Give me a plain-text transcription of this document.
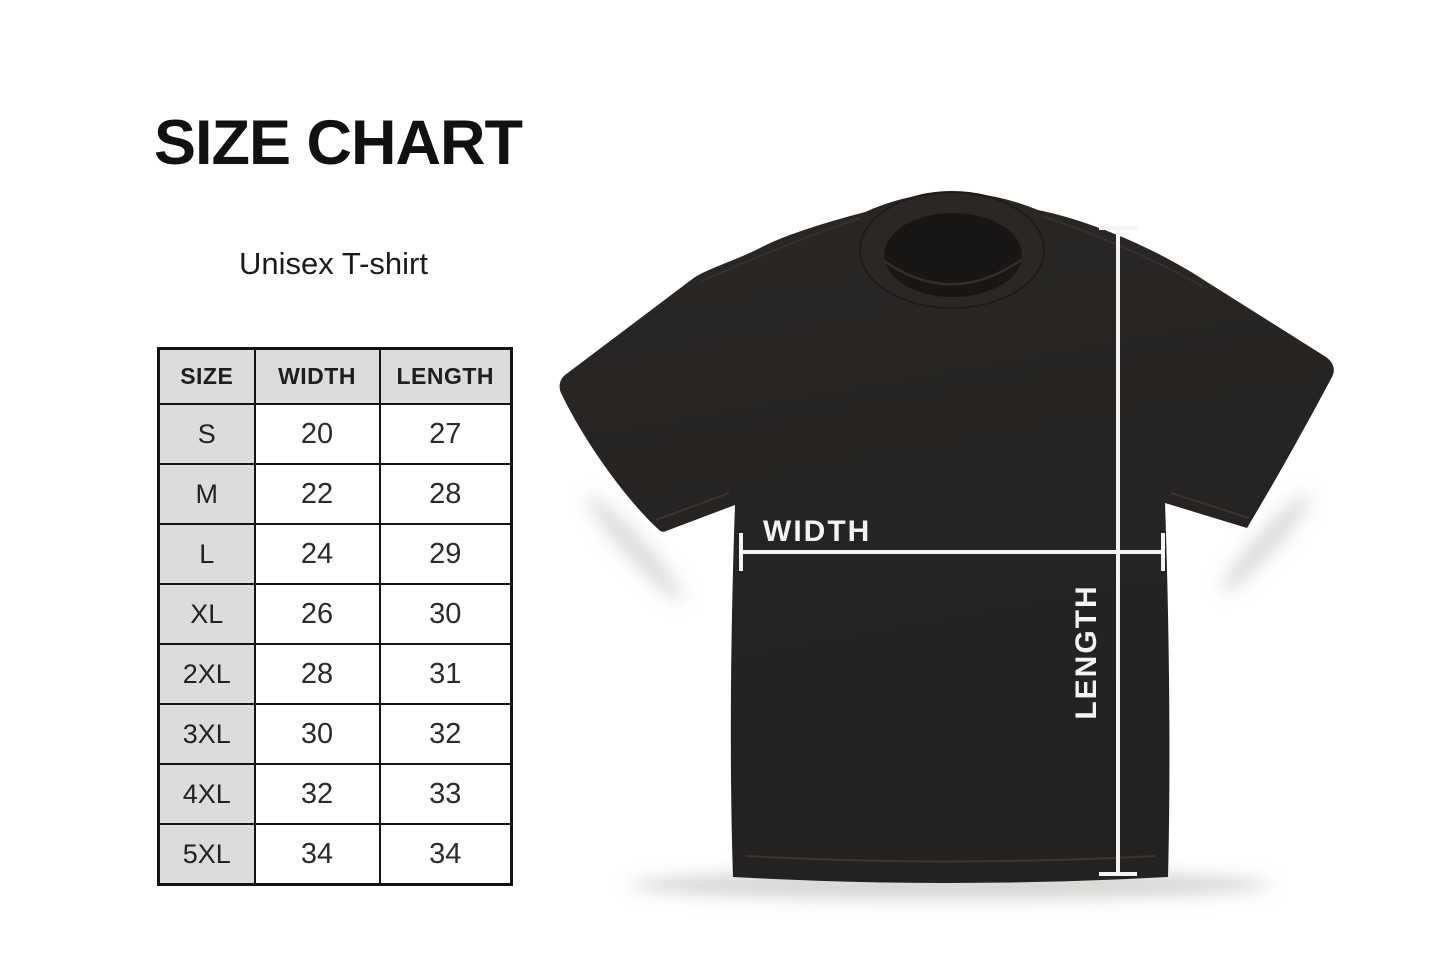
SIZE CHART
Unisex T-shirt
SIZE	WIDTH	LENGTH
S	20	27
M	22	28
L	24	29
XL	26	30
2XL	28	31
3XL	30	32
4XL	32	33
5XL	34	34
WIDTH
LENGTH
